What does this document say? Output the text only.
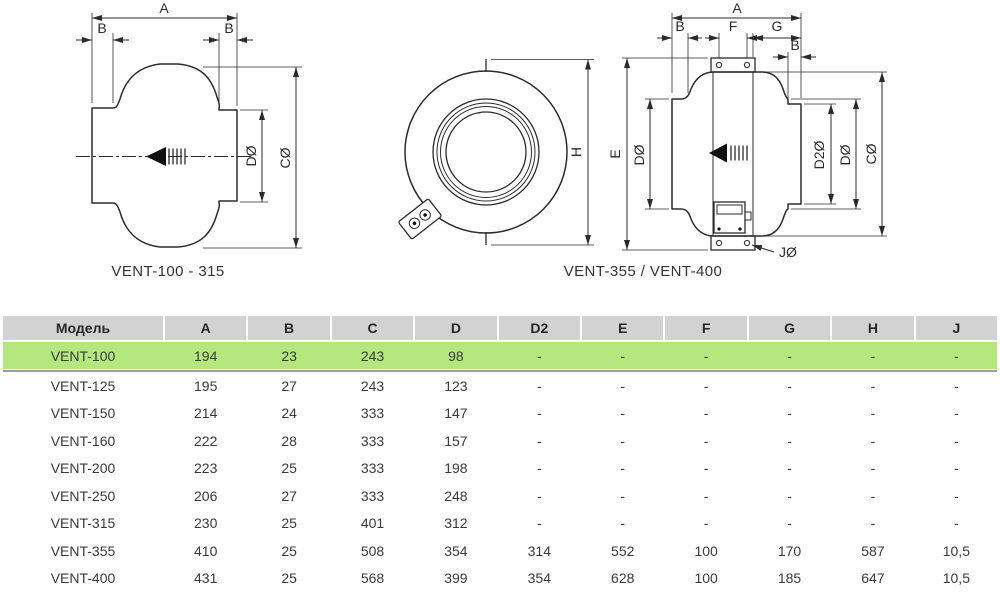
A
B	B
DØ CØ
VENT-100 - 315
H
A
B	F G
B
E DØ	D2Ø DØ CØ
JØ
VENT-355 / VENT-400
Модель	A	B	C	D	D2	E	F	G	H	J
VENT-100	194	23	243	98	-	-	-	-	-	-
VENT-125	195	27	243	123	-	-	-	-	-	-
VENT-150	214	24	333	147	-	-	-	-	-	-
VENT-160	222	28	333	157	-	-	-	-	-	-
VENT-200	223	25	333	198	-	-	-	-	-	-
VENT-250	206	27	333	248	-	-	-	-	-	-
VENT-315	230	25	401	312	-	-	-	-	-	-
VENT-355	410	25	508	354	314	552	100	170	587	10,5
VENT-400	431	25	568	399	354	628	100	185	647	10,5
